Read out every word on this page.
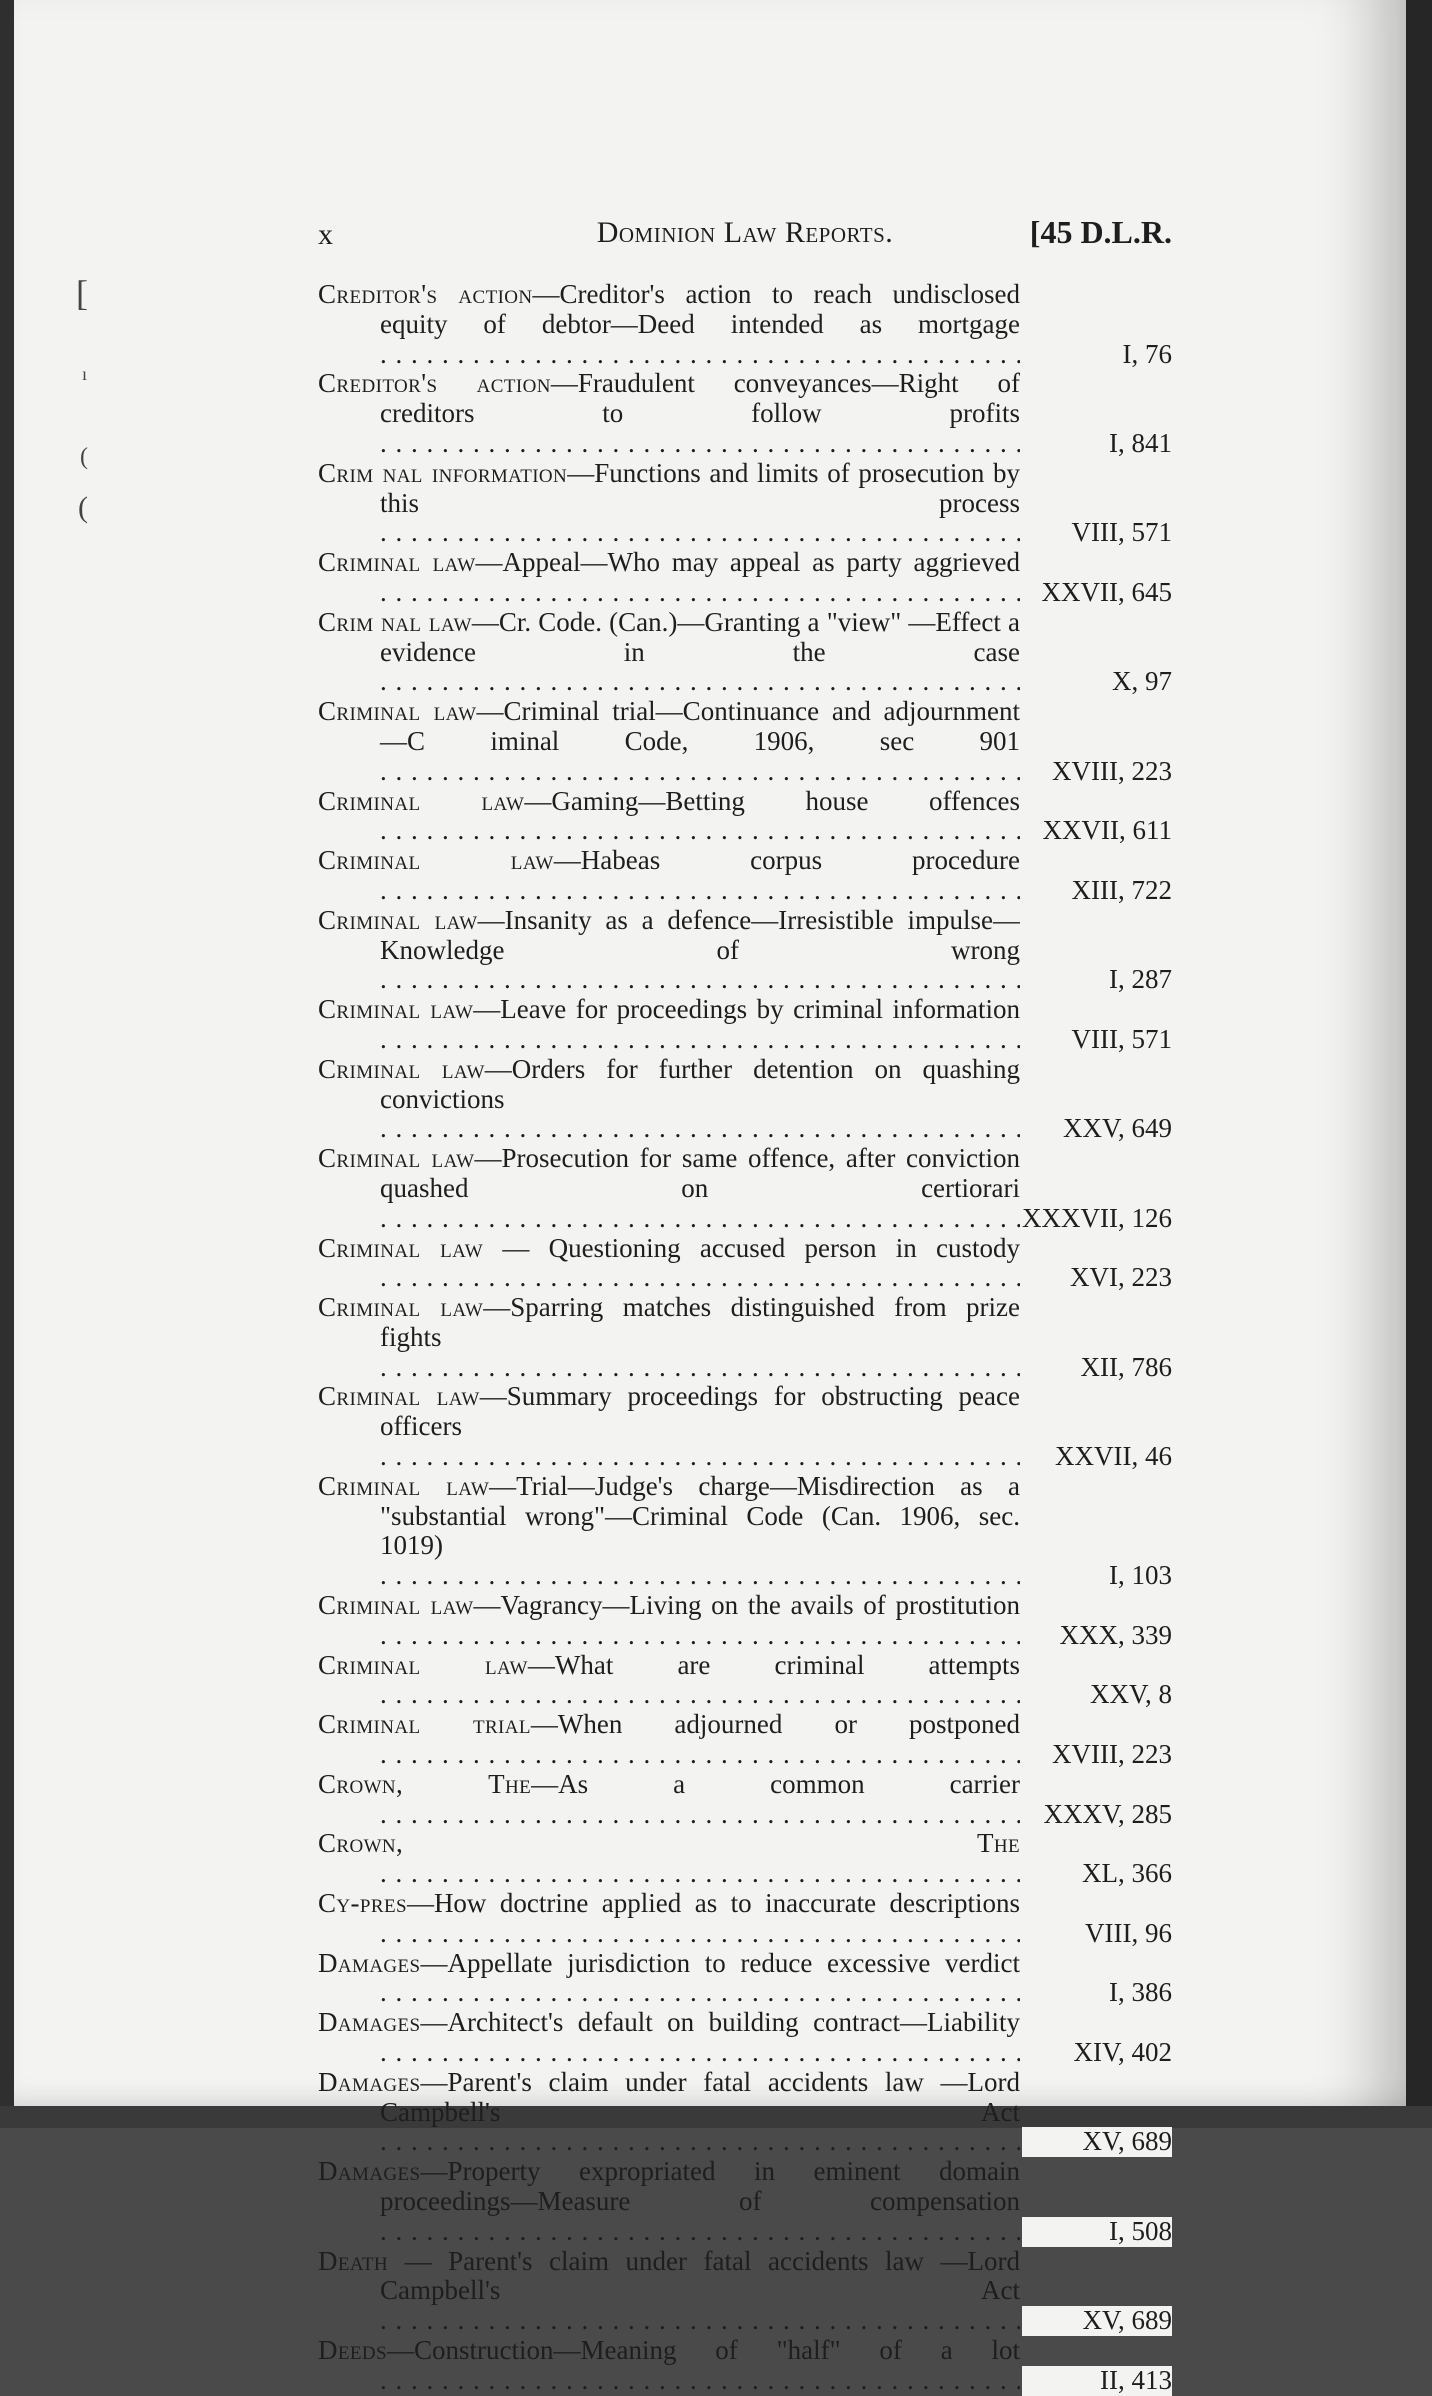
[
ı
(
(
x	Dominion Law Reports.	[45 D.L.R.
Creditor's action—Creditor's action to reach undisclosed equity of debtor—Deed intended as mortgage . . .
I, 76
Creditor's action—Fraudulent conveyances—Right of creditors to follow profits . . .
I, 841
Crim nal information—Functions and limits of prosecution by this process . . .
VIII, 571
Criminal law—Appeal—Who may appeal as party aggrieved . . .
XXVII, 645
Crim nal law—Cr. Code. (Can.)—Granting a "view" —Effect a evidence in the case . . .
X, 97
Criminal law—Criminal trial—Continuance and adjournment—C iminal Code, 1906, sec 901 . . .
XVIII, 223
Criminal law—Gaming—Betting house offences . . .
XXVII, 611
Criminal law—Habeas corpus procedure . . .
XIII, 722
Criminal law—Insanity as a defence—Irresistible impulse—Knowledge of wrong . . .
I, 287
Criminal law—Leave for proceedings by criminal information . . .
VIII, 571
Criminal law—Orders for further detention on quashing convictions . . .
XXV, 649
Criminal law—Prosecution for same offence, after conviction quashed on certiorari . . .
XXXVII, 126
Criminal law — Questioning accused person in custody . . .
XVI, 223
Criminal law—Sparring matches distinguished from prize fights . . .
XII, 786
Criminal law—Summary proceedings for obstructing peace officers . . .
XXVII, 46
Criminal law—Trial—Judge's charge—Misdirection as a "substantial wrong"—Criminal Code (Can. 1906, sec. 1019) . . .
I, 103
Criminal law—Vagrancy—Living on the avails of prostitution . . .
XXX, 339
Criminal law—What are criminal attempts . . .
XXV, 8
Criminal trial—When adjourned or postponed . . .
XVIII, 223
Crown, The—As a common carrier . . .
XXXV, 285
Crown, The . . .
XL, 366
Cy-pres—How doctrine applied as to inaccurate descriptions . . .
VIII, 96
Damages—Appellate jurisdiction to reduce excessive verdict . . .
I, 386
Damages—Architect's default on building contract—Liability . . .
XIV, 402
Damages—Parent's claim under fatal accidents law —Lord Campbell's Act . . .
XV, 689
Damages—Property expropriated in eminent domain proceedings—Measure of compensation . . .
I, 508
Death — Parent's claim under fatal accidents law —Lord Campbell's Act . . .
XV, 689
Deeds—Construction—Meaning of "half" of a lot . . .
II, 413
